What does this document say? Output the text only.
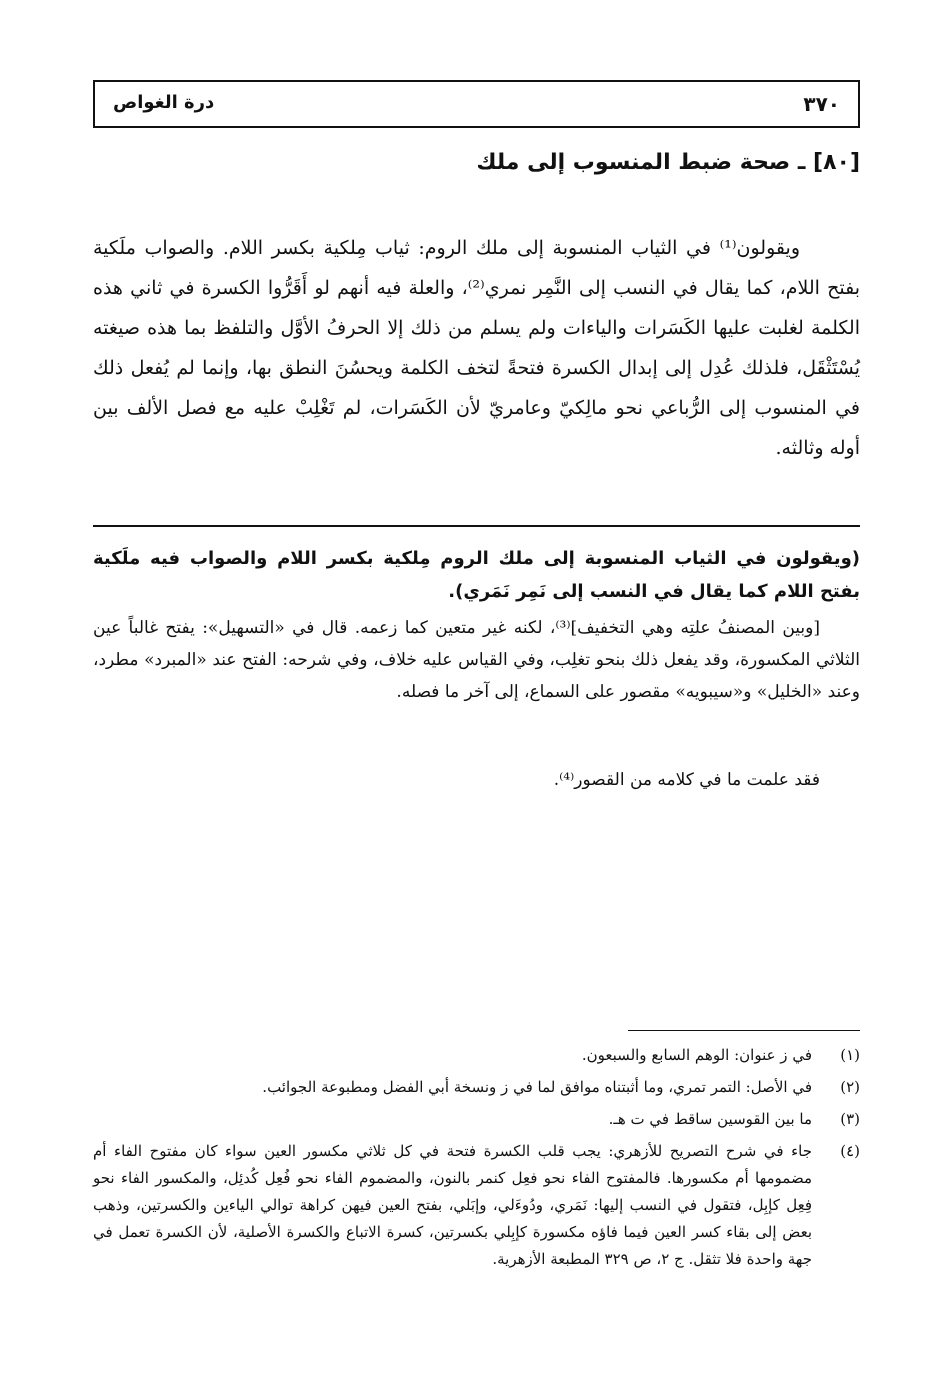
٣٧٠
درة الغواص
[٨٠] ـ صحة ضبط المنسوب إلى ملك

ويقولون⁽¹⁾ في الثياب المنسوبة إلى ملك الروم: ثياب مِلكية بكسر اللام. والصواب ملَكية بفتح اللام، كما يقال في النسب إلى النَّمِر نمري⁽²⁾، والعلة فيه أنهم لو أَقَرُّوا الكسرة في ثاني هذه الكلمة لغلبت عليها الكَسَرات والياءات ولم يسلم من ذلك إلا الحرفُ الأوَّل والتلفظ بما هذه صيغته يُسْتَثْقَل، فلذلك عُدِل إلى إبدال الكسرة فتحةً لتخف الكلمة ويحسُنَ النطق بها، وإنما لم يُفعل ذلك في المنسوب إلى الرُّباعي نحو مالِكيّ وعامريّ لأن الكَسَرات، لم تَغْلِبْ عليه مع فصل الألف بين أوله وثالثه.

(ويقولون في الثياب المنسوبة إلى ملك الروم مِلكية بكسر اللام والصواب فيه ملَكية بفتح اللام كما يقال في النسب إلى نَمِر نَمَري).

[وبين المصنفُ علتِه وهي التخفيف]⁽³⁾، لكنه غير متعين كما زعمه. قال في «التسهيل»: يفتح غالباً عين الثلاثي المكسورة، وقد يفعل ذلك بنحو تغلِب، وفي القياس عليه خلاف، وفي شرحه: الفتح عند «المبرد» مطرد، وعند «الخليل» و«سيبويه» مقصور على السماع، إلى آخر ما فصله.

فقد علمت ما في كلامه من القصور⁽⁴⁾.

(١)
في ز عنوان: الوهم السابع والسبعون.
(٢)
في الأصل: التمر تمري، وما أثبتناه موافق لما في ز ونسخة أبي الفضل ومطبوعة الجوائب.
(٣)
ما بين القوسين ساقط في ت هـ.
(٤)
جاء في شرح التصريح للأزهري: يجب قلب الكسرة فتحة في كل ثلاثي مكسور العين سواء كان مفتوح الفاء أم مضمومها أم مكسورها. فالمفتوح الفاء نحو فعِل كنمر بالنون، والمضموم الفاء نحو فُعِل كُدئِل، والمكسور الفاء نحو فِعِل كإبِل، فتقول في النسب إليها: نَمَري، ودُوءَلي، وإبَلي، بفتح العين فيهن كراهة توالي الياءين والكسرتين، وذهب بعض إلى بقاء كسر العين فيما فاؤه مكسورة كإبِلي بكسرتين، كسرة الاتباع والكسرة الأصلية، لأن الكسرة تعمل في جهة واحدة فلا تثقل. ج ٢، ص ٣٢٩ المطبعة الأزهرية.
